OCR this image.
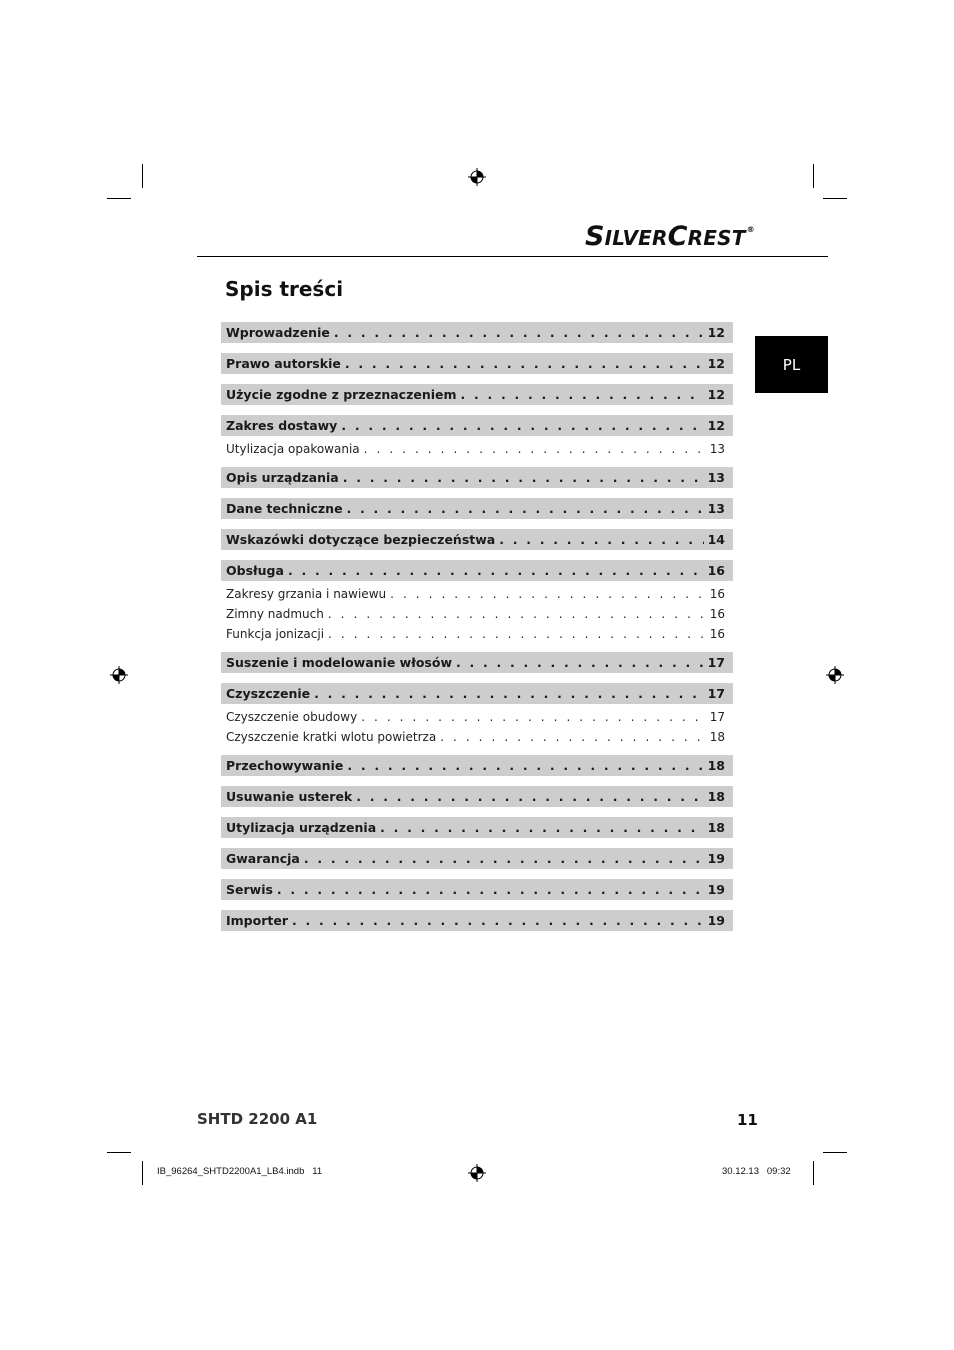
SILVERCREST®
Spis treści
PL
Wprowadzenie . . .	12
Prawo autorskie . . .	12
Użycie zgodne z przeznaczeniem . . .	12
Zakres dostawy . . .	12
Utylizacja opakowania . . .	13
Opis urządzania . . .	13
Dane techniczne . . .	13
Wskazówki dotyczące bezpieczeństwa . . .	14
Obsługa . . .	16
Zakresy grzania i nawiewu . . .	16
Zimny nadmuch . . .	16
Funkcja jonizacji . . .	16
Suszenie i modelowanie włosów . . .	17
Czyszczenie . . .	17
Czyszczenie obudowy . . .	17
Czyszczenie kratki wlotu powietrza . . .	18
Przechowywanie . . .	18
Usuwanie usterek . . .	18
Utylizacja urządzenia . . .	18
Gwarancja . . .	19
Serwis . . .	19
Importer . . .	19
SHTD 2200 A1	11
IB_96264_SHTD2200A1_LB4.indb   11	30.12.13   09:32
